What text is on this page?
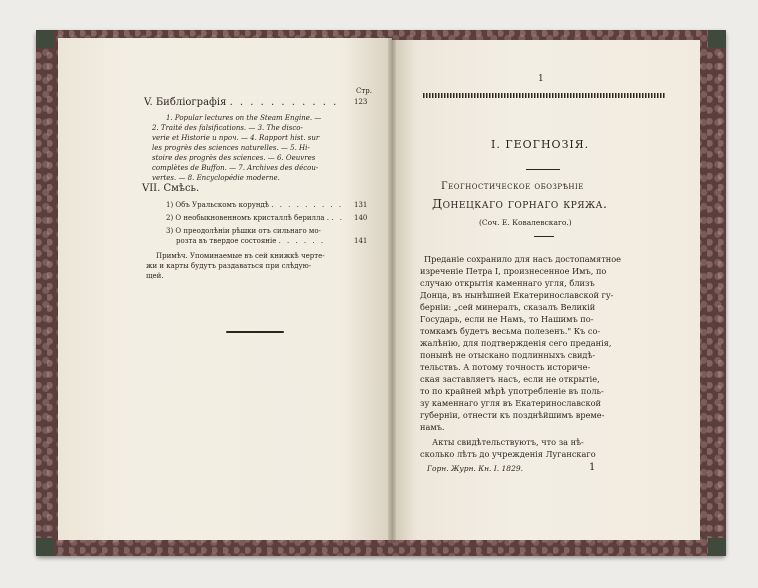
Стр.
V. Библіографія . . . . . . . . . . . 123
1. Popular lectures on the Steam Engine. —
2. Traité des falsifications. — 3. The disco-
verie et Historie и проч. — 4. Rapport hist. sur
les progrès des sciences naturelles. — 5. Hi-
stoire des progrès des sciences. — 6. Oeuvres
complètes de Buffon. — 7. Archives des décou-
vertes. — 8. Encyclopédie moderne.
VII. Смѣсь.
1) Объ Уральскомъ корундѣ . . . . . . . . . 131
2) О необыкновенномъ кристаллѣ берилла . . . 140
3) О преодолѣніи рѣшки отъ сильнаго мо-
розта въ твердое состояніе . . . . . .	141
Примѣч. Упоминаемые въ сей книжкѣ черте-
жи и карты будутъ раздаваться при слѣдую-
щей.
1
I. ГЕОГНОЗІЯ.
Геогностическое обозрѣніе
Донецкаго горнаго кряжа.
(Соч. Е. Ковалевскаго.)
Преданіе сохранило для насъ достопамятное
изреченіе Петра I, произнесенное Имъ, по
случаю открытія каменнаго угля, близъ
Донца, въ нынѣшней Екатеринославской гу-
берніи: „сей минералъ, сказалъ Великій
Государь, если не Намъ, то Нашимъ по-
томкамъ будетъ весьма полезенъ." Къ со-
жалѣнію, для подтвержденія сего преданія,
понынѣ не отыскано подлинныхъ свидѣ-
тельствъ. А потому точность историче-
ская заставляетъ насъ, если не открытіе,
то по крайней мѣрѣ употребленіе въ поль-
зу каменнаго угля въ Екатеринославской
губерніи, отнести къ позднѣйшимъ време-
намъ.
Акты свидѣтельствуютъ, что за нѣ-
сколько лѣтъ до учрежденія Луганскаго
Горн. Журн. Кн. I. 1829.	1
